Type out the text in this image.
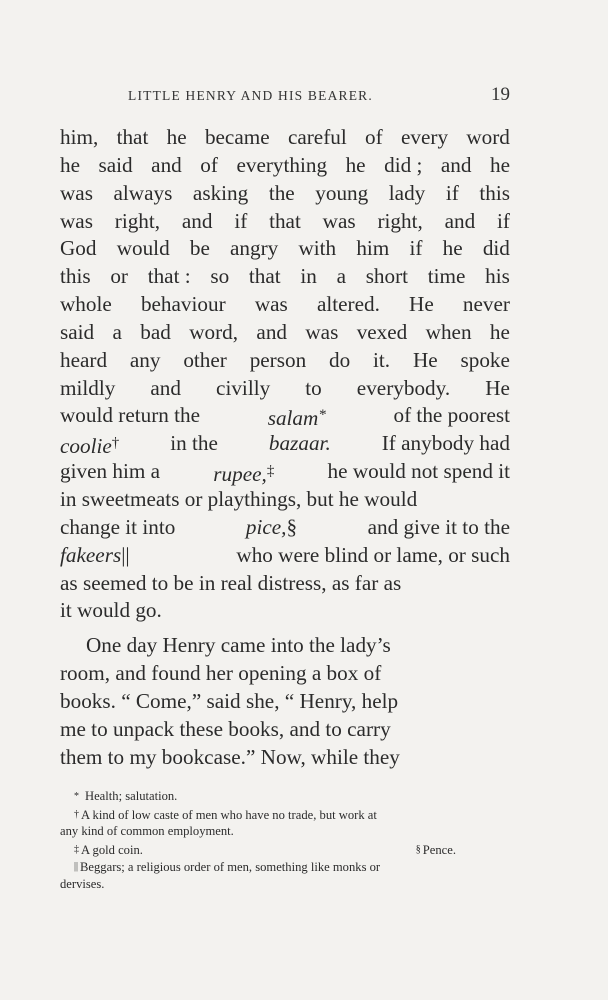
LITTLE HENRY AND HIS BEARER.	19
him, that he became careful of every word
he said and of everything he did ; and he
was always asking the young lady if this
was right, and if that was right, and if
God would be angry with him if he did
this or that : so that in a short time his
whole behaviour was altered. He never
said a bad word, and was vexed when he
heard any other person do it. He spoke
mildly and civilly to everybody. He
would return the	salam*	of the poorest
coolie† in the bazaar. If anybody had
given him a	rupee,‡	he would not spend it
in sweetmeats or playthings, but he would
change it into	pice,§	and give it to the
fakeers||	who were blind or lame, or such
as seemed to be in real distress, as far as
it would go.
One day Henry came into the lady’s
room, and found her opening a box of
books. “ Come,” said she, “ Henry, help
me to unpack these books, and to carry
them to my bookcase.” Now, while they
* Health; salutation.
† A kind of low caste of men who have no trade, but work at
any kind of common employment.
‡ A gold coin.	§ Pence.
|| Beggars; a religious order of men, something like monks or
dervises.
